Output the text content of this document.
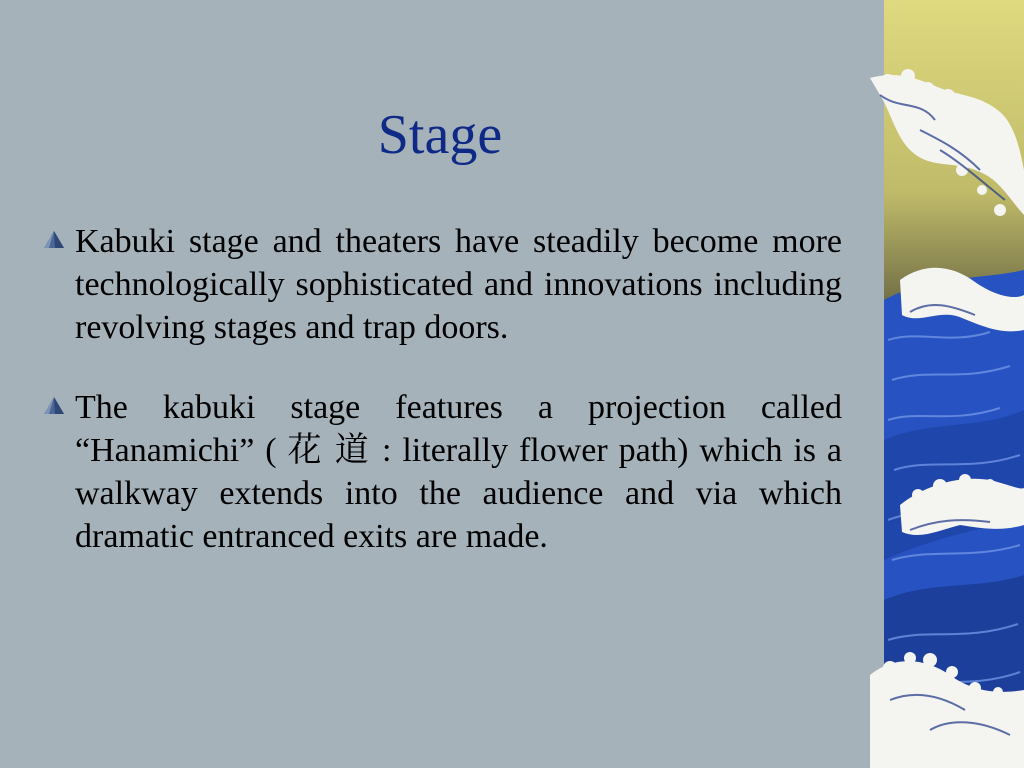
Stage
Kabuki stage and theaters have steadily become more technologically sophisticated and innovations including revolving stages and trap doors.
The kabuki stage features a projection called “Hanamichi” ( 花 道 : literally flower path) which is a walkway extends into the audience and via which dramatic entranced exits are made.
